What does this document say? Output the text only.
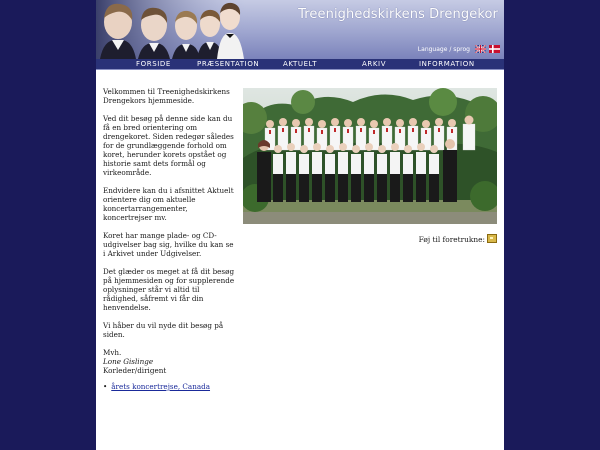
Treenighedskirkens Drengekor
Language / sprog
FORSIDE	PRÆSENTATION	AKTUELT	ARKIV	INFORMATION

Velkommen til Treenighedskirkens Drengekors hjemmeside.

Ved dit besøg på denne side kan du få en bred orientering om drengekoret. Siden redegør således for de grundlæggende forhold om koret, herunder korets opstået og historie samt dets formål og virkeområde.

Endvidere kan du i afsnittet Aktuelt orientere dig om aktuelle koncertarrangementer, koncertrejser mv.

Koret har mange plade- og CD-udgivelser bag sig, hvilke du kan se i Arkivet under Udgivelser.

Det glæder os meget at få dit besøg på hjemmesiden og for supplerende oplysninger står vi altid til rådighed, såfremt vi får din henvendelse.

Vi håber du vil nyde dit besøg på siden.

Mvh.
Lone Gislinge
Korleder/dirigent
Føj til foretrukne:
• årets koncertrejse, Canada
